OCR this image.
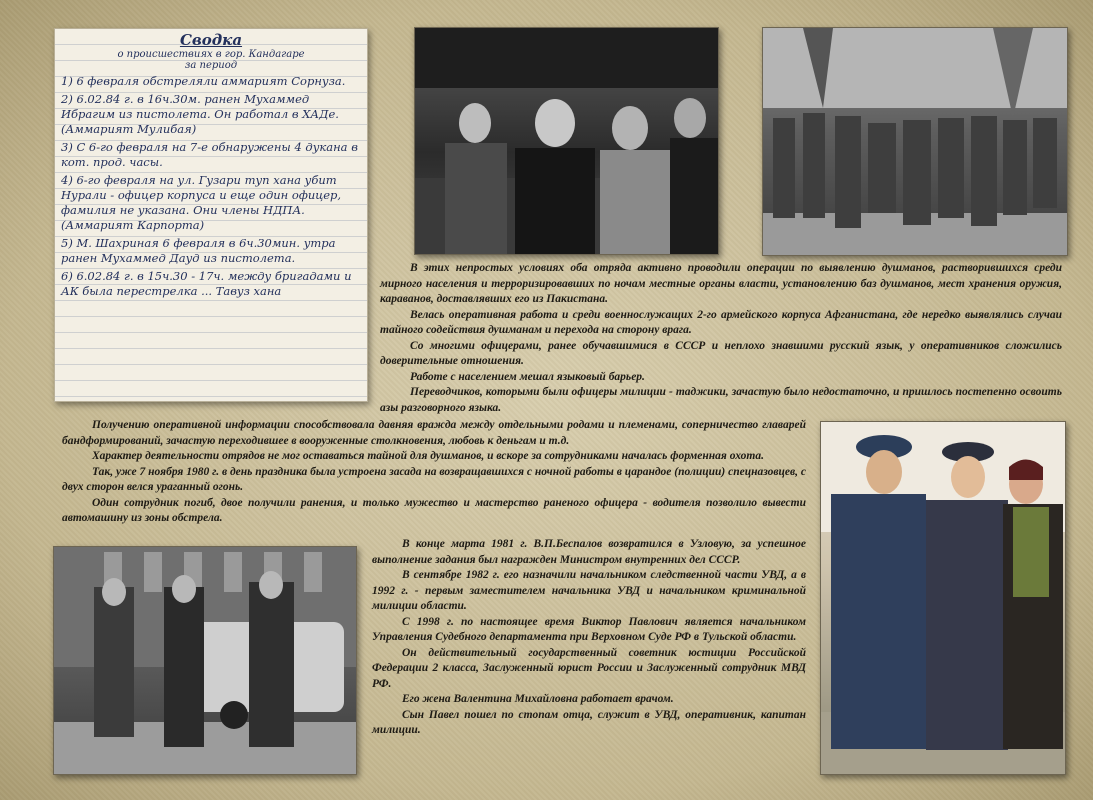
Сводка
о происшествиях в гор. Кандагаре
за период
1) 6 февраля обстреляли аммарият Сорнуза.
2) 6.02.84 г. в 16ч.30м. ранен Мухаммед Ибрагим из пистолета. Он работал в ХАДе. (Аммарият Мулибая)
3) С 6-го февраля на 7-е обнаружены 4 дукана в кот. прод. часы.
4) 6-го февраля на ул. Гузари туп хана убит Нурали - офицер корпуса и еще один офицер, фамилия не указана. Они члены НДПА. (Аммарият Карпорта)
5) М. Шахриная 6 февраля в 6ч.30мин. утра ранен Мухаммед Дауд из пистолета.
6) 6.02.84 г. в 15ч.30 - 17ч. между бригадами и АК была перестрелка ... Тавуз хана

В этих непростых условиях оба отряда активно проводили операции по выявлению душманов, растворившихся среди мирного населения и терроризировавших по ночам местные органы власти, установлению баз душманов, мест хранения оружия, караванов, доставлявших его из Пакистана.

Велась оперативная работа и среди военнослужащих 2-го армейского корпуса Афганистана, где нередко выявлялись случаи тайного содействия душманам и перехода на сторону врага.

Со многими офицерами, ранее обучавшимися в СССР и неплохо знавшими русский язык, у оперативников сложились доверительные отношения.

Работе с населением мешал языковый барьер.

Переводчиков, которыми были офицеры милиции - таджики, зачастую было недостаточно, и пришлось постепенно освоить азы разговорного языка.

Получению оперативной информации способствовала давняя вражда между отдельными родами и племенами, соперничество главарей бандформирований, зачастую переходившее в вооруженные столкновения, любовь к деньгам и т.д.

Характер деятельности отрядов не мог оставаться тайной для душманов, и вскоре за сотрудниками началась форменная охота.

Так, уже 7 ноября 1980 г. в день праздника была устроена засада на возвращавшихся с ночной работы в царандое (полиции) спецназовцев, с двух сторон велся ураганный огонь.

Один сотрудник погиб, двое получили ранения, и только мужество и мастерство раненого офицера - водителя позволило вывести автомашину из зоны обстрела.

В конце марта 1981 г. В.П.Беспалов возвратился в Узловую, за успешное выполнение задания был награжден Министром внутренних дел СССР.

В сентябре 1982 г. его назначили начальником следственной части УВД, а в 1992 г. - первым заместителем начальника УВД и начальником криминальной милиции области.

С 1998 г. по настоящее время Виктор Павлович является начальником Управления Судебного департамента при Верховном Суде РФ в Тульской области.

Он действительный государственный советник юстиции Российской Федерации 2 класса, Заслуженный юрист России и Заслуженный сотрудник МВД РФ.

Его жена Валентина Михайловна работает врачом.

Сын Павел пошел по стопам отца, служит в УВД, оперативник, капитан милиции.
